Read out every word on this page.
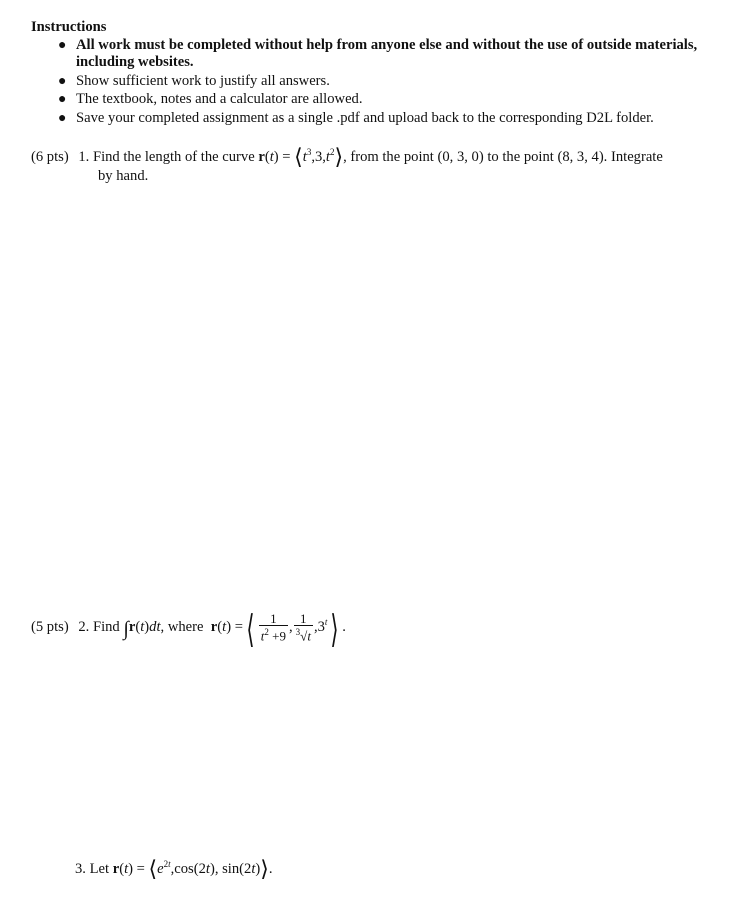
Instructions
● All work must be completed without help from anyone else and without the use of outside materials, including websites.
● Show sufficient work to justify all answers.
● The textbook, notes and a calculator are allowed.
● Save your completed assignment as a single .pdf and upload back to the corresponding D2L folder.
(6 pts) 1. Find the length of the curve $r(t) = ⟨t^3,3,t^2⟩$, from the point (0, 3, 0) to the point (8, 3, 4). Integrate
by hand.
(5 pts) 2. Find ∫r(t)dt, where r(t) =⟨ $\frac{1}{t^2 +9}$ , $\frac{1}{^3√t}$ ,3$^t$⟩ .
3. Let $r(t) = ⟨e^{2t},\cos(2t)$, sin(2t)⟩.
